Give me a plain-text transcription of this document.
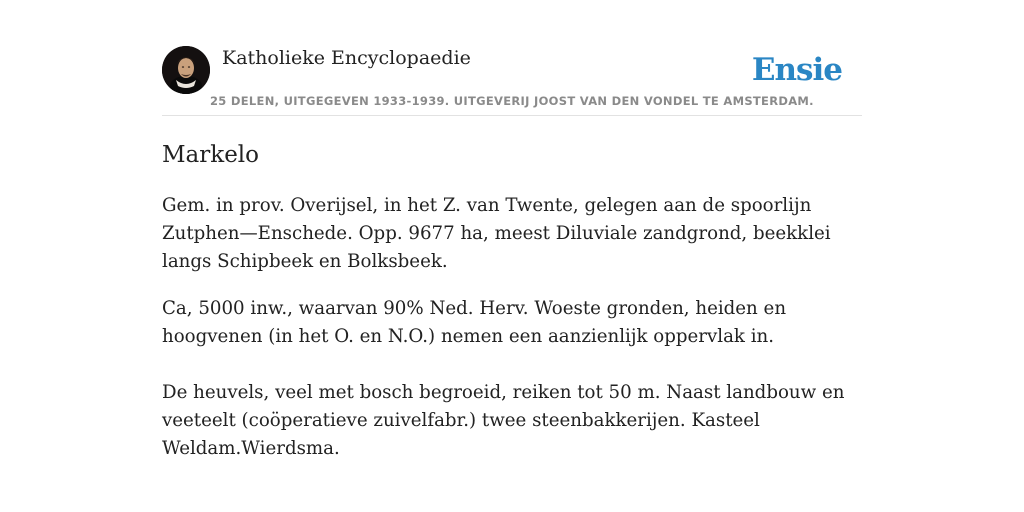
Katholieke Encyclopaedie
25 DELEN, UITGEGEVEN 1933-1939. UITGEVERIJ JOOST VAN DEN VONDEL TE AMSTERDAM.
Ensie
Markelo

Gem. in prov. Overijsel, in het Z. van Twente, gelegen aan de spoorlijn Zutphen—Enschede. Opp. 9677 ha, meest Diluviale zandgrond, beekklei langs Schipbeek en Bolksbeek.

Ca, 5000 inw., waarvan 90% Ned. Herv. Woeste gronden, heiden en hoogvenen (in het O. en N.O.) nemen een aanzienlijk oppervlak in.

De heuvels, veel met bosch begroeid, reiken tot 50 m. Naast landbouw en veeteelt (coöperatieve zuivelfabr.) twee steenbakkerijen. Kasteel Weldam.Wierdsma.
